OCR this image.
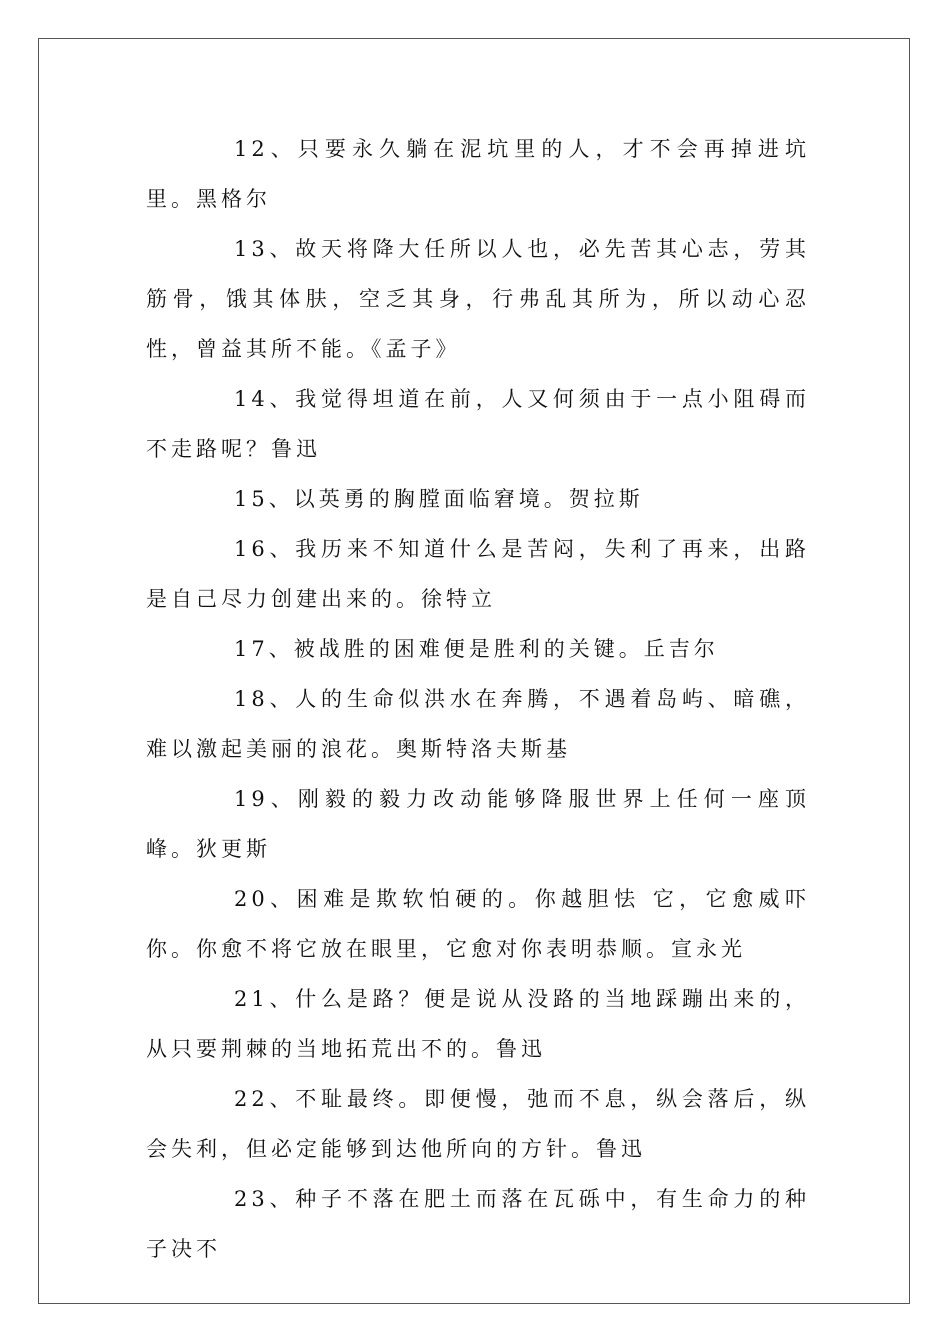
12、只要永久躺在泥坑里的人，才不会再掉进坑里。黑格尔

13、故天将降大任所以人也，必先苦其心志，劳其筋骨，饿其体肤，空乏其身，行弗乱其所为，所以动心忍性，曾益其所不能。《孟子》

14、我觉得坦道在前，人又何须由于一点小阻碍而不走路呢？鲁迅

15、以英勇的胸膛面临窘境。贺拉斯

16、我历来不知道什么是苦闷，失利了再来，出路是自己尽力创建出来的。徐特立

17、被战胜的困难便是胜利的关键。丘吉尔

18、人的生命似洪水在奔腾，不遇着岛屿、暗礁，难以激起美丽的浪花。奥斯特洛夫斯基

19、刚毅的毅力改动能够降服世界上任何一座顶峰。狄更斯

20、困难是欺软怕硬的。你越胆怯 它，它愈威吓你。你愈不将它放在眼里，它愈对你表明恭顺。宣永光

21、什么是路？便是说从没路的当地踩蹦出来的，从只要荆棘的当地拓荒出不的。鲁迅

22、不耻最终。即便慢，弛而不息，纵会落后，纵会失利，但必定能够到达他所向的方针。鲁迅

23、种子不落在肥土而落在瓦砾中，有生命力的种子决不
